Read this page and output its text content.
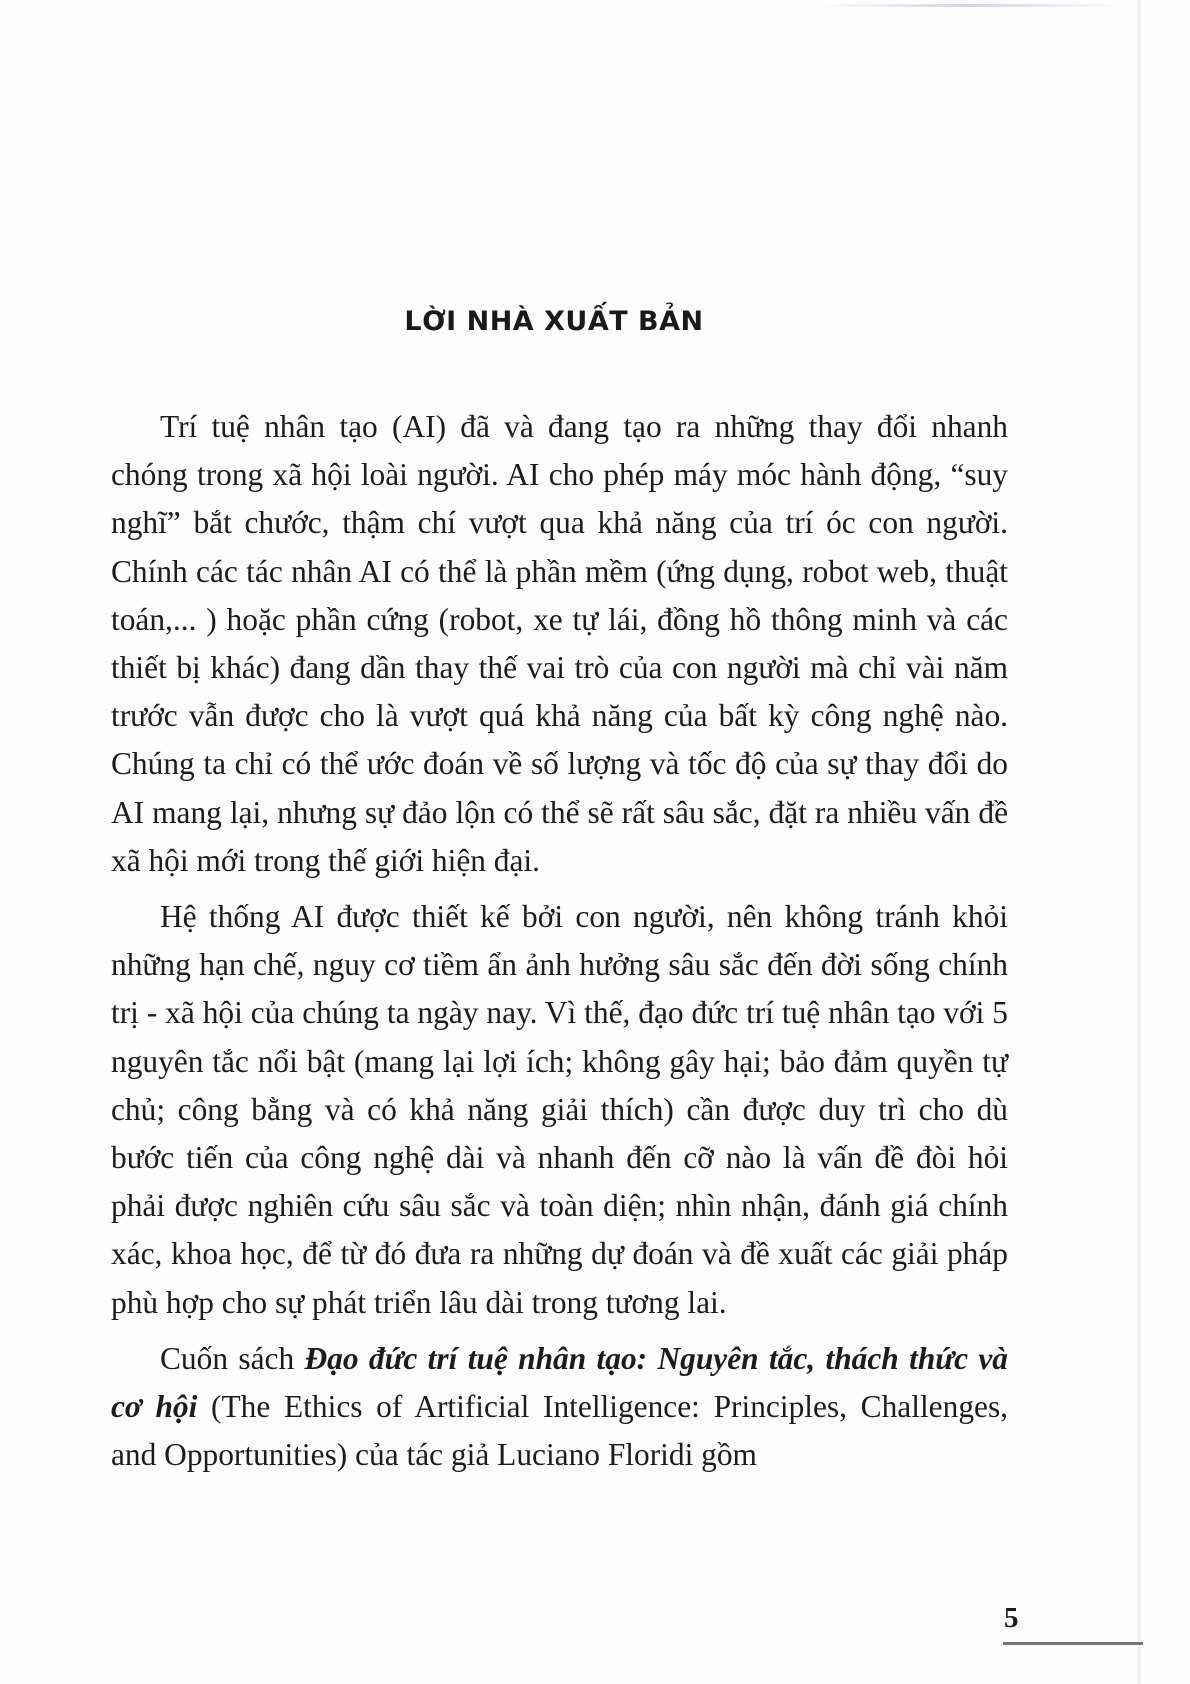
LỜI NHÀ XUẤT BẢN

Trí tuệ nhân tạo (AI) đã và đang tạo ra những thay đổi nhanh chóng trong xã hội loài người. AI cho phép máy móc hành động, “suy nghĩ” bắt chước, thậm chí vượt qua khả năng của trí óc con người. Chính các tác nhân AI có thể là phần mềm (ứng dụng, robot web, thuật toán,... ) hoặc phần cứng (robot, xe tự lái, đồng hồ thông minh và các thiết bị khác) đang dần thay thế vai trò của con người mà chỉ vài năm trước vẫn được cho là vượt quá khả năng của bất kỳ công nghệ nào. Chúng ta chỉ có thể ước đoán về số lượng và tốc độ của sự thay đổi do AI mang lại, nhưng sự đảo lộn có thể sẽ rất sâu sắc, đặt ra nhiều vấn đề xã hội mới trong thế giới hiện đại.

Hệ thống AI được thiết kế bởi con người, nên không tránh khỏi những hạn chế, nguy cơ tiềm ẩn ảnh hưởng sâu sắc đến đời sống chính trị - xã hội của chúng ta ngày nay. Vì thế, đạo đức trí tuệ nhân tạo với 5 nguyên tắc nổi bật (mang lại lợi ích; không gây hại; bảo đảm quyền tự chủ; công bằng và có khả năng giải thích) cần được duy trì cho dù bước tiến của công nghệ dài và nhanh đến cỡ nào là vấn đề đòi hỏi phải được nghiên cứu sâu sắc và toàn diện; nhìn nhận, đánh giá chính xác, khoa học, để từ đó đưa ra những dự đoán và đề xuất các giải pháp phù hợp cho sự phát triển lâu dài trong tương lai.

Cuốn sách Đạo đức trí tuệ nhân tạo: Nguyên tắc, thách thức và cơ hội (The Ethics of Artificial Intelligence: Principles, Challenges, and Opportunities) của tác giả Luciano Floridi gồm

5
